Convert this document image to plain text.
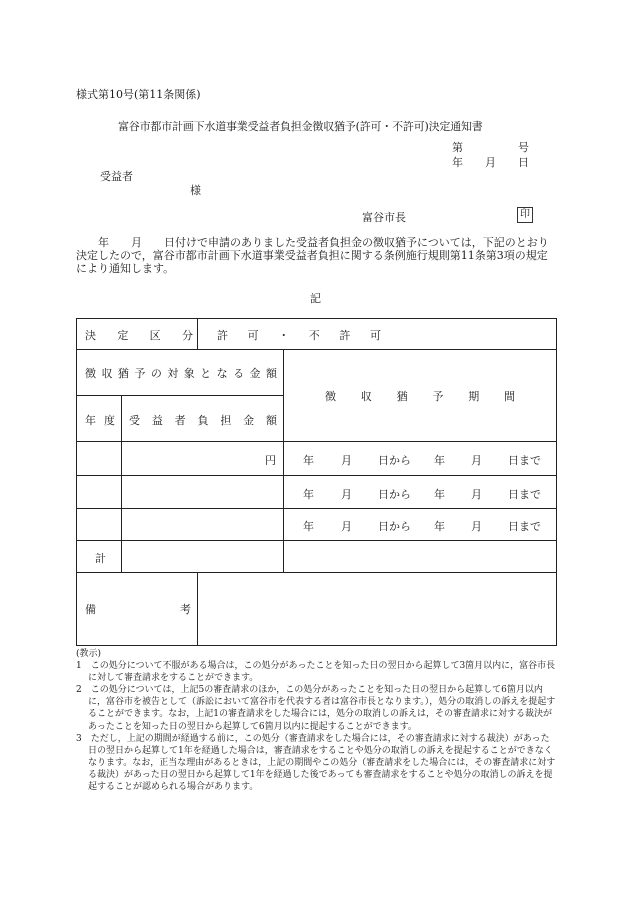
様式第10号(第11条関係)
富谷市都市計画下水道事業受益者負担金徴収猶予(許可・不許可)決定通知書
第　　　　　号
年　　月　　日
受益者
様
富谷市長	印
　　年　　月　　日付けで申請のありました受益者負担金の徴収猶予については，下記のとおり決定したので，富谷市都市計画下水道事業受益者負担に関する条例施行規則第11条第3項の規定により通知します。
記
決 定 区 分 許 可 ・ 不 許 可
徴 収 猶 予 の 対 象 と な る 金 額
徴 収 猶 予 期 間
年 度 受 益 者 負 担 金 額
円 年 月 日から 年 月 日まで
年 月 日から 年 月 日まで
年 月 日から 年 月 日まで
計
備	考

(教示)

1　この処分について不服がある場合は，この処分があったことを知った日の翌日から起算して3箇月以内に，富谷市長に対して審査請求をすることができます。

2　この処分については，上記5の審査請求のほか，この処分があったことを知った日の翌日から起算して6箇月以内に，富谷市を被告として（訴訟において富谷市を代表する者は富谷市長となります。），処分の取消しの訴えを提起することができます。なお，上記1の審査請求をした場合には，処分の取消しの訴えは，その審査請求に対する裁決があったことを知った日の翌日から起算して6箇月以内に提起することができます。

3　ただし，上記の期間が経過する前に，この処分（審査請求をした場合には，その審査請求に対する裁決）があった日の翌日から起算して1年を経過した場合は，審査請求をすることや処分の取消しの訴えを提起することができなくなります。なお，正当な理由があるときは，上記の期間やこの処分（審査請求をした場合には，その審査請求に対する裁決）があった日の翌日から起算して1年を経過した後であっても審査請求をすることや処分の取消しの訴えを提起することが認められる場合があります。
